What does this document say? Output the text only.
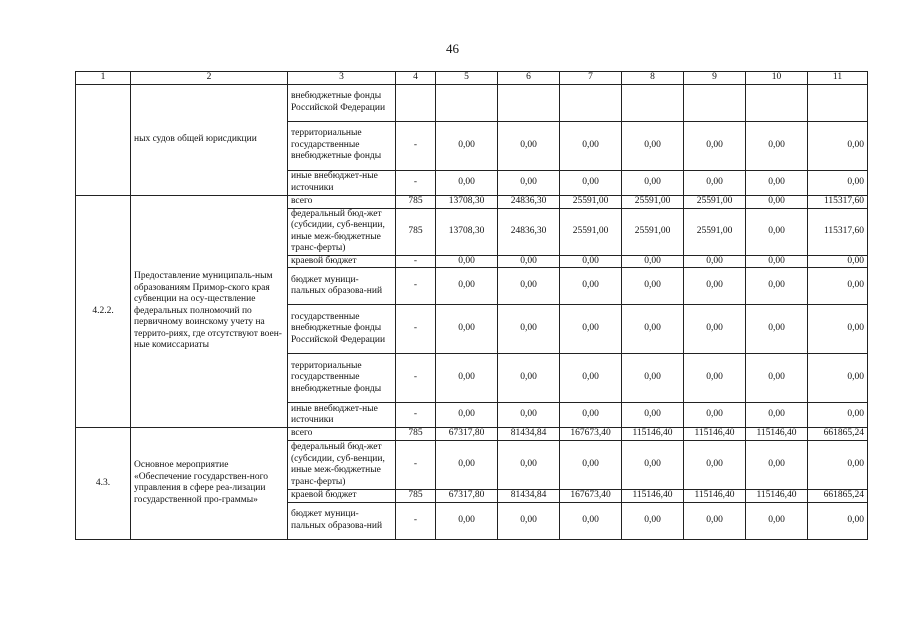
46
1	2	3	4	5	6	7	8	9	10	11
	ных судов общей юрисдикции	внебюджетные фонды Российской Федерации								
		территориальные государственные внебюджетные фонды	-	0,00	0,00	0,00	0,00	0,00	0,00	0,00
		иные внебюджет-ные источники	-	0,00	0,00	0,00	0,00	0,00	0,00	0,00
4.2.2.	Предоставление муниципаль-ным образованиям Примор-ского края субвенции на осу-ществление федеральных полномочий по первичному воинскому учету на террито-риях, где отсутствуют воен-ные комиссариаты	всего	785	13708,30	24836,30	25591,00	25591,00	25591,00	0,00	115317,60
		федеральный бюд-жет (субсидии, суб-венции, иные меж-бюджетные транс-ферты)	785	13708,30	24836,30	25591,00	25591,00	25591,00	0,00	115317,60
		краевой бюджет	-	0,00	0,00	0,00	0,00	0,00	0,00	0,00
		бюджет муници-пальных образова-ний	-	0,00	0,00	0,00	0,00	0,00	0,00	0,00
		государственные внебюджетные фонды Российской Федерации	-	0,00	0,00	0,00	0,00	0,00	0,00	0,00
		территориальные государственные внебюджетные фонды	-	0,00	0,00	0,00	0,00	0,00	0,00	0,00
		иные внебюджет-ные источники	-	0,00	0,00	0,00	0,00	0,00	0,00	0,00
4.3.	Основное мероприятие «Обеспечение государствен-ного управления в сфере реа-лизации государственной про-граммы»	всего	785	67317,80	81434,84	167673,40	115146,40	115146,40	115146,40	661865,24
		федеральный бюд-жет (субсидии, суб-венции, иные меж-бюджетные транс-ферты)	-	0,00	0,00	0,00	0,00	0,00	0,00	0,00
		краевой бюджет	785	67317,80	81434,84	167673,40	115146,40	115146,40	115146,40	661865,24
		бюджет муници-пальных образова-ний	-	0,00	0,00	0,00	0,00	0,00	0,00	0,00
